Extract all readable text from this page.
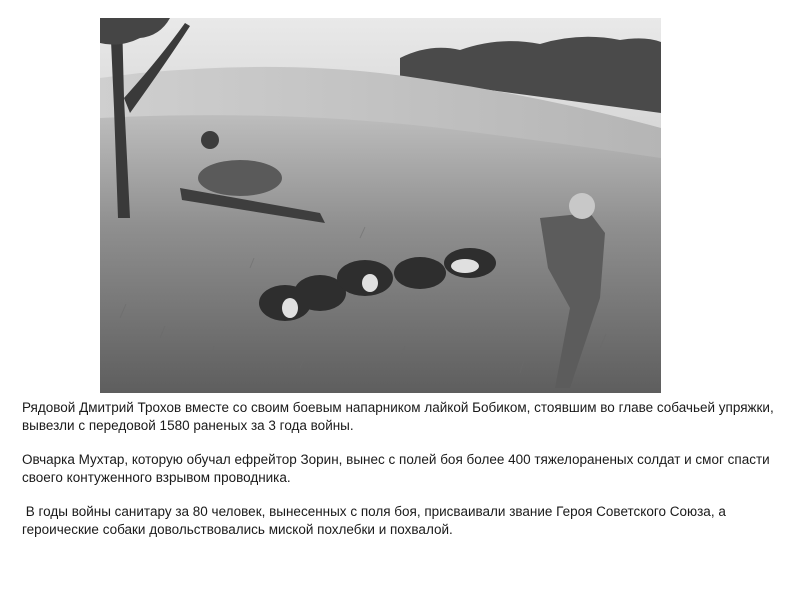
Рядовой Дмитрий Трохов вместе со своим боевым напарником лайкой Бобиком, стоявшим во главе собачьей упряжки, вывезли с передовой 1580 раненых за 3 года войны.

Овчарка Мухтар, которую обучал ефрейтор Зорин, вынес с полей боя более 400 тяжелораненых солдат и смог спасти своего контуженного взрывом проводника.

В годы войны санитару за 80 человек, вынесенных с поля боя, присваивали звание Героя Советского Союза, а героические собаки довольствовались миской похлебки и похвалой.
